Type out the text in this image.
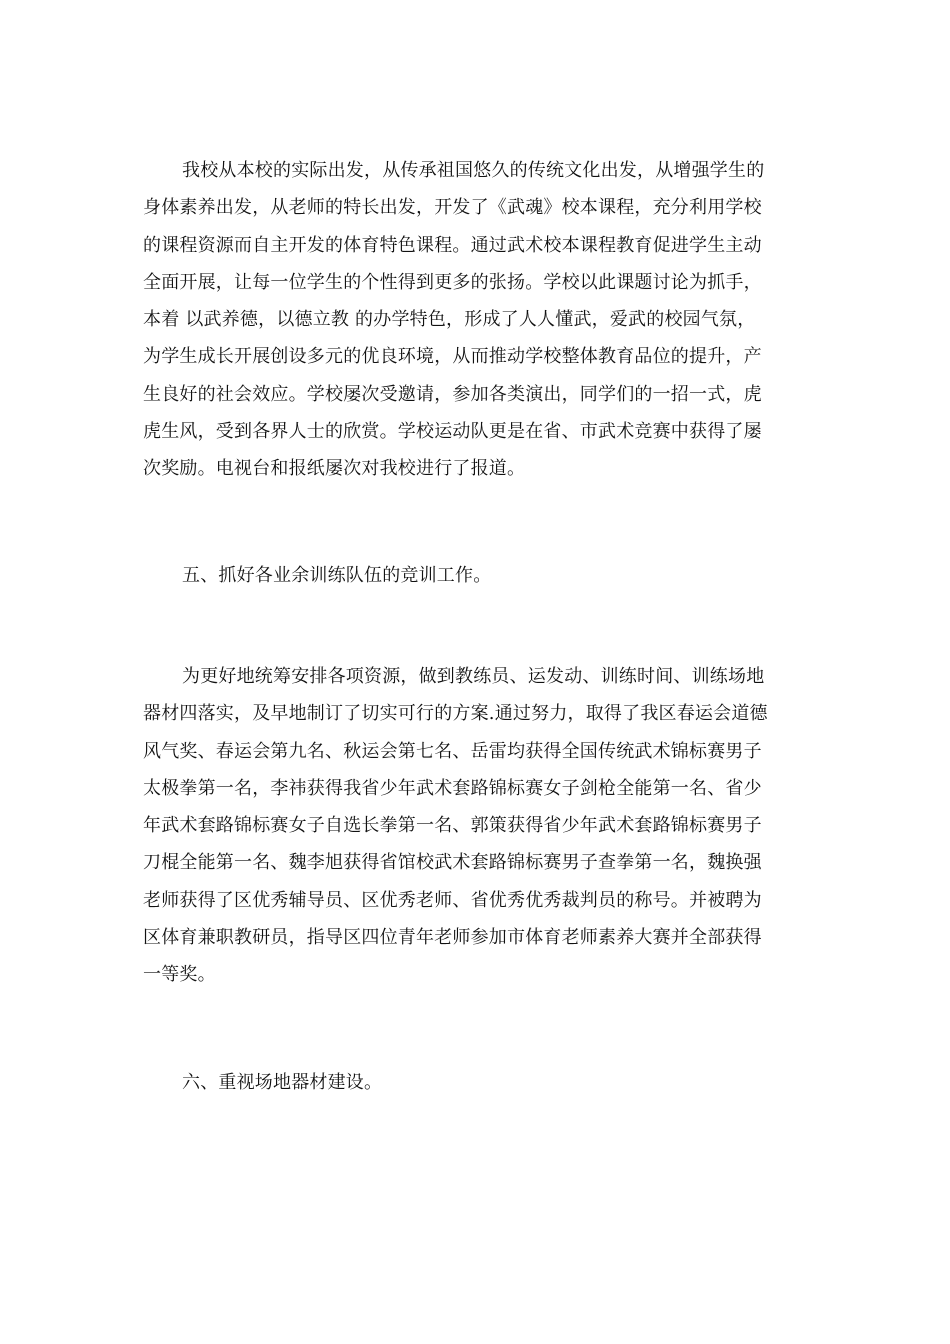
我校从本校的实际出发，从传承祖国悠久的传统文化出发，从增强学生的
身体素养出发，从老师的特长出发，开发了《武魂》校本课程，充分利用学校
的课程资源而自主开发的体育特色课程。通过武术校本课程教育促进学生主动
全面开展，让每一位学生的个性得到更多的张扬。学校以此课题讨论为抓手，
本着 以武养德，以德立教 的办学特色，形成了人人懂武，爱武的校园气氛，
为学生成长开展创设多元的优良环境，从而推动学校整体教育品位的提升，产
生良好的社会效应。学校屡次受邀请，参加各类演出，同学们的一招一式，虎
虎生风，受到各界人士的欣赏。学校运动队更是在省、市武术竞赛中获得了屡
次奖励。电视台和报纸屡次对我校进行了报道。
五、抓好各业余训练队伍的竞训工作。
为更好地统筹安排各项资源，做到教练员、运发动、训练时间、训练场地
器材四落实，及早地制订了切实可行的方案.通过努力，取得了我区春运会道德
风气奖、春运会第九名、秋运会第七名、岳雷均获得全国传统武术锦标赛男子
太极拳第一名，李祎获得我省少年武术套路锦标赛女子剑枪全能第一名、省少
年武术套路锦标赛女子自选长拳第一名、郭策获得省少年武术套路锦标赛男子
刀棍全能第一名、魏李旭获得省馆校武术套路锦标赛男子查拳第一名，魏换强
老师获得了区优秀辅导员、区优秀老师、省优秀优秀裁判员的称号。并被聘为
区体育兼职教研员，指导区四位青年老师参加市体育老师素养大赛并全部获得
一等奖。
六、重视场地器材建设。
